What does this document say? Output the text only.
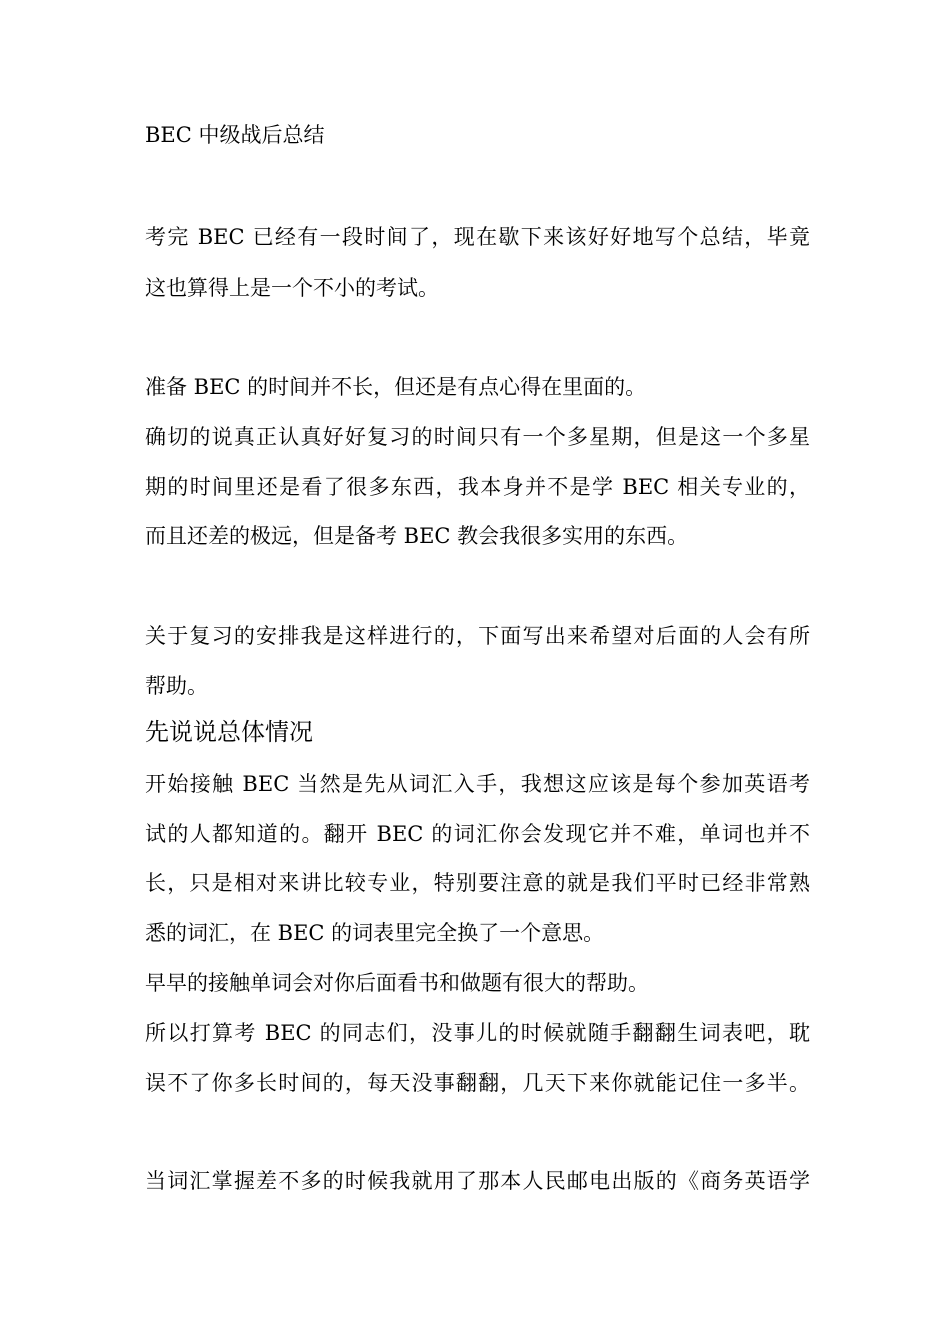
BEC 中级战后总结
考完 BEC 已经有一段时间了，现在歇下来该好好地写个总结，毕竟
这也算得上是一个不小的考试。
准备 BEC 的时间并不长，但还是有点心得在里面的。
确切的说真正认真好好复习的时间只有一个多星期，但是这一个多星
期的时间里还是看了很多东西，我本身并不是学 BEC 相关专业的，
而且还差的极远，但是备考 BEC 教会我很多实用的东西。
关于复习的安排我是这样进行的，下面写出来希望对后面的人会有所
帮助。
先说说总体情况
开始接触 BEC 当然是先从词汇入手，我想这应该是每个参加英语考
试的人都知道的。翻开 BEC 的词汇你会发现它并不难，单词也并不
长，只是相对来讲比较专业，特别要注意的就是我们平时已经非常熟
悉的词汇，在 BEC 的词表里完全换了一个意思。
早早的接触单词会对你后面看书和做题有很大的帮助。
所以打算考 BEC 的同志们，没事儿的时候就随手翻翻生词表吧，耽
误不了你多长时间的，每天没事翻翻，几天下来你就能记住一多半。
当词汇掌握差不多的时候我就用了那本人民邮电出版的《商务英语学
